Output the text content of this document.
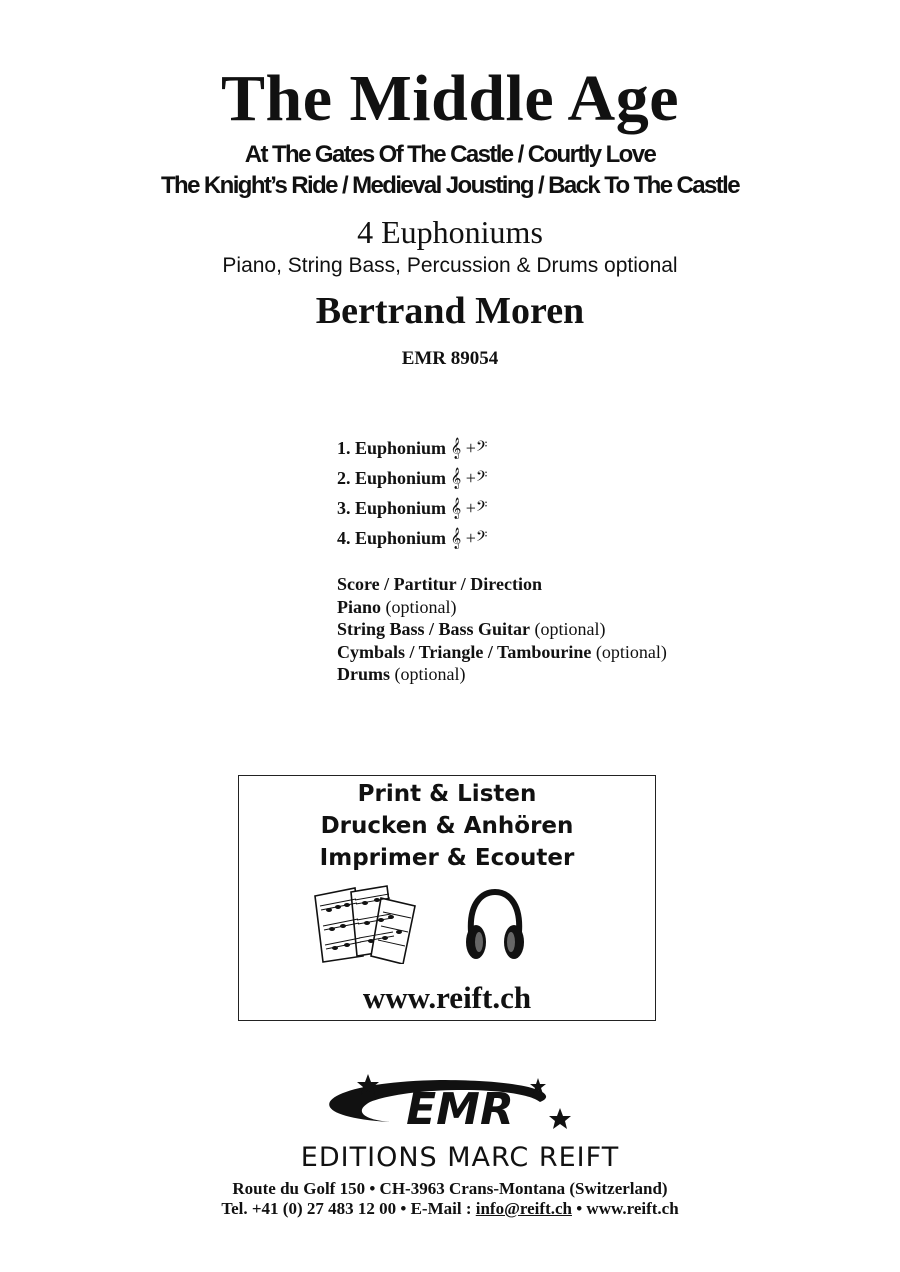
The Middle Age
At The Gates Of The Castle / Courtly Love
The Knight’s Ride / Medieval Jousting / Back To The Castle
4 Euphoniums
Piano, String Bass, Percussion & Drums optional
Bertrand Moren
EMR 89054
1. Euphonium 𝄞 +𝄢
2. Euphonium 𝄞 +𝄢
3. Euphonium 𝄞 +𝄢
4. Euphonium 𝄞 +𝄢
Score / Partitur / Direction
Piano (optional)
String Bass / Bass Guitar (optional)
Cymbals / Triangle / Tambourine (optional)
Drums (optional)
Print & Listen
Drucken & Anhören
Imprimer & Ecouter
www.reift.ch
EMR
EDITIONS MARC REIFT
Route du Golf 150 • CH-3963 Crans-Montana (Switzerland)
Tel. +41 (0) 27 483 12 00 • E-Mail : info@reift.ch • www.reift.ch
